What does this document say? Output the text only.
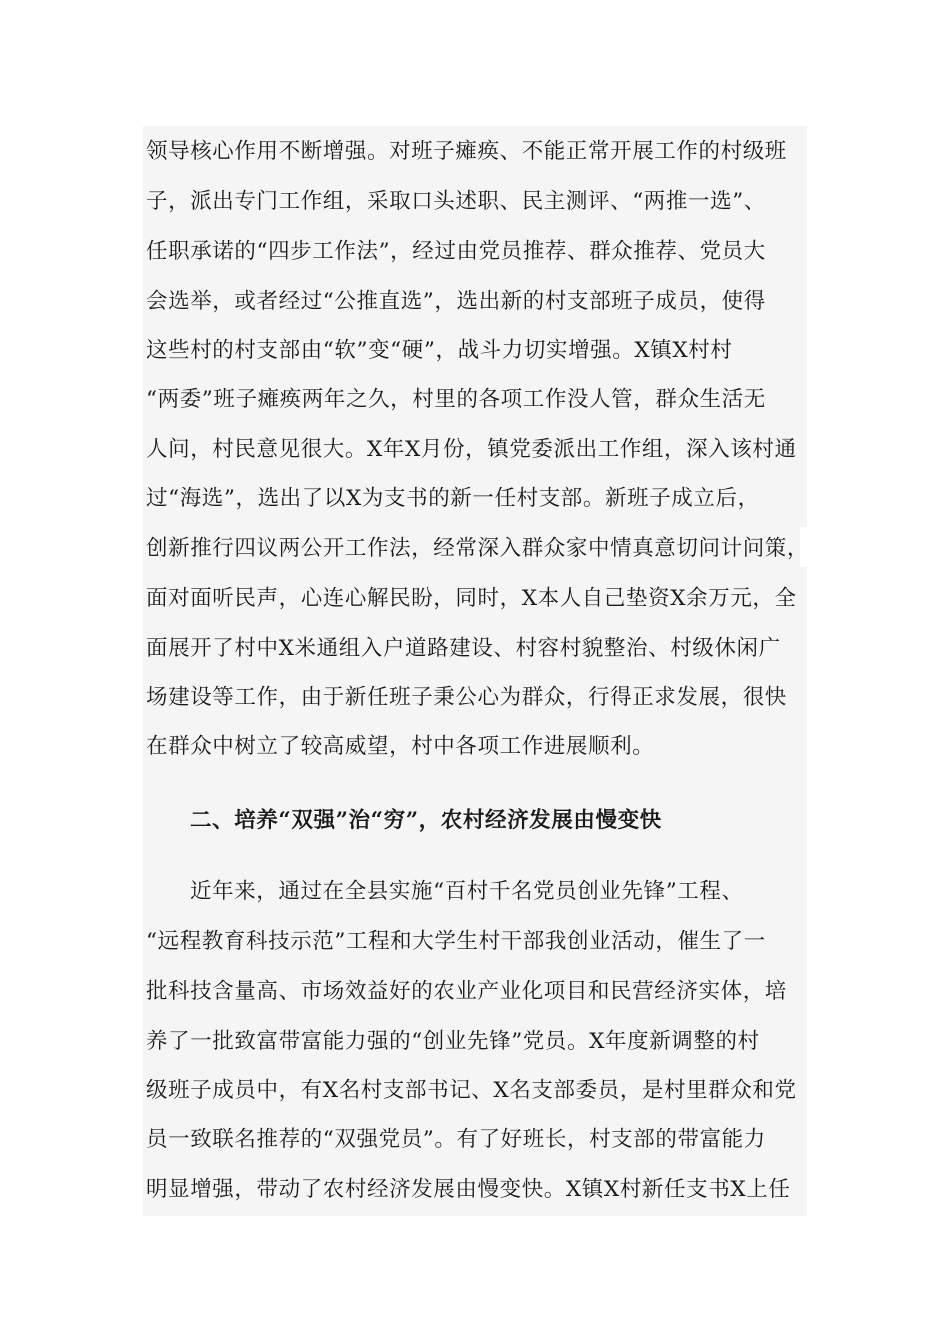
领导核心作用不断增强。对班子瘫痪、不能正常开展工作的村级班
子，派出专门工作组，采取口头述职、民主测评、“两推一选”、
任职承诺的“四步工作法”，经过由党员推荐、群众推荐、党员大
会选举，或者经过“公推直选”，选出新的村支部班子成员，使得
这些村的村支部由“软”变“硬”，战斗力切实增强。X镇X村村
“两委”班子瘫痪两年之久，村里的各项工作没人管，群众生活无
人问，村民意见很大。X年X月份，镇党委派出工作组，深入该村通
过“海选”，选出了以X为支书的新一任村支部。新班子成立后，
创新推行四议两公开工作法，经常深入群众家中情真意切问计问策，
面对面听民声，心连心解民盼，同时，X本人自己垫资X余万元，全
面展开了村中X米通组入户道路建设、村容村貌整治、村级休闲广
场建设等工作，由于新任班子秉公心为群众，行得正求发展，很快
在群众中树立了较高威望，村中各项工作进展顺利。
二、培养“双强”治“穷”，农村经济发展由慢变快
近年来，通过在全县实施“百村千名党员创业先锋”工程、
“远程教育科技示范”工程和大学生村干部我创业活动，催生了一
批科技含量高、市场效益好的农业产业化项目和民营经济实体，培
养了一批致富带富能力强的“创业先锋”党员。X年度新调整的村
级班子成员中，有X名村支部书记、X名支部委员，是村里群众和党
员一致联名推荐的“双强党员”。有了好班长，村支部的带富能力
明显增强，带动了农村经济发展由慢变快。X镇X村新任支书X上任
